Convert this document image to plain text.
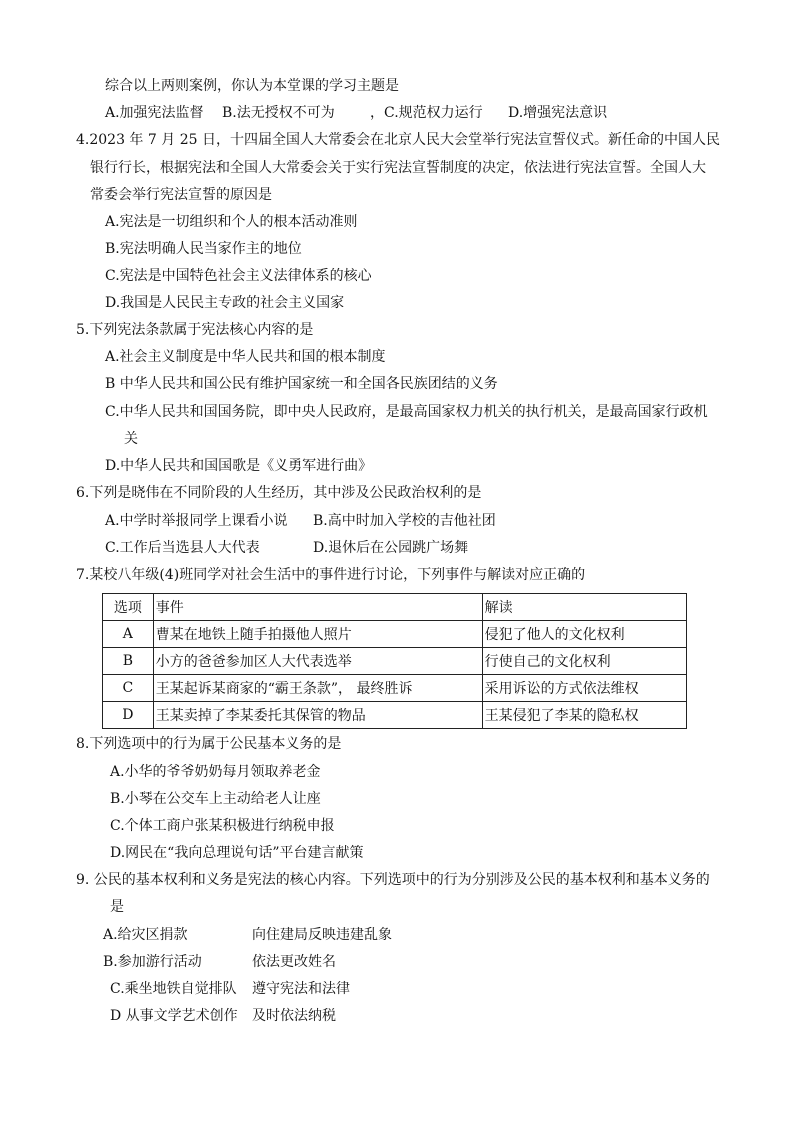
综合以上两则案例，你认为本堂课的学习主题是
A.加强宪法监督 B.法无授权不可为	，C.规范权力运行 D.增强宪法意识
4.2023 年 7 月 25 日，十四届全国人大常委会在北京人民大会堂举行宪法宣誓仪式。新任命的中国人民
银行行长，根据宪法和全国人大常委会关于实行宪法宣誓制度的决定，依法进行宪法宣誓。全国人大
常委会举行宪法宣誓的原因是
A.宪法是一切组织和个人的根本活动准则
B.宪法明确人民当家作主的地位
C.宪法是中国特色社会主义法律体系的核心
D.我国是人民民主专政的社会主义国家
5.下列宪法条款属于宪法核心内容的是
A.社会主义制度是中华人民共和国的根本制度
B 中华人民共和国公民有维护国家统一和全国各民族团结的义务
C.中华人民共和国国务院，即中央人民政府，是最高国家权力机关的执行机关，是最高国家行政机
关
D.中华人民共和国国歌是《义勇军进行曲》
6.下列是晓伟在不同阶段的人生经历，其中涉及公民政治权利的是
A.中学时举报同学上课看小说 B.高中时加入学校的吉他社团
C.工作后当选县人大代表	D.退休后在公园跳广场舞
7.某校八年级(4)班同学对社会生活中的事件进行讨论，下列事件与解读对应正确的
选项	事件	解读
A	曹某在地铁上随手拍摄他人照片	侵犯了他人的文化权利
B	小方的爸爸参加区人大代表选举	行使自己的文化权利
C	王某起诉某商家的“霸王条款”， 最终胜诉	采用诉讼的方式依法维权
D	王某卖掉了李某委托其保管的物品	王某侵犯了李某的隐私权
8.下列选项中的行为属于公民基本义务的是
A.小华的爷爷奶奶每月领取养老金
B.小琴在公交车上主动给老人让座
C.个体工商户张某积极进行纳税申报
D.网民在“我向总理说句话”平台建言献策
9. 公民的基本权利和义务是宪法的核心内容。下列选项中的行为分别涉及公民的基本权利和基本义务的
是
A.给灾区捐款	向住建局反映违建乱象
B.参加游行活动	依法更改姓名
C.乘坐地铁自觉排队 遵守宪法和法律
D 从事文学艺术创作 及时依法纳税
